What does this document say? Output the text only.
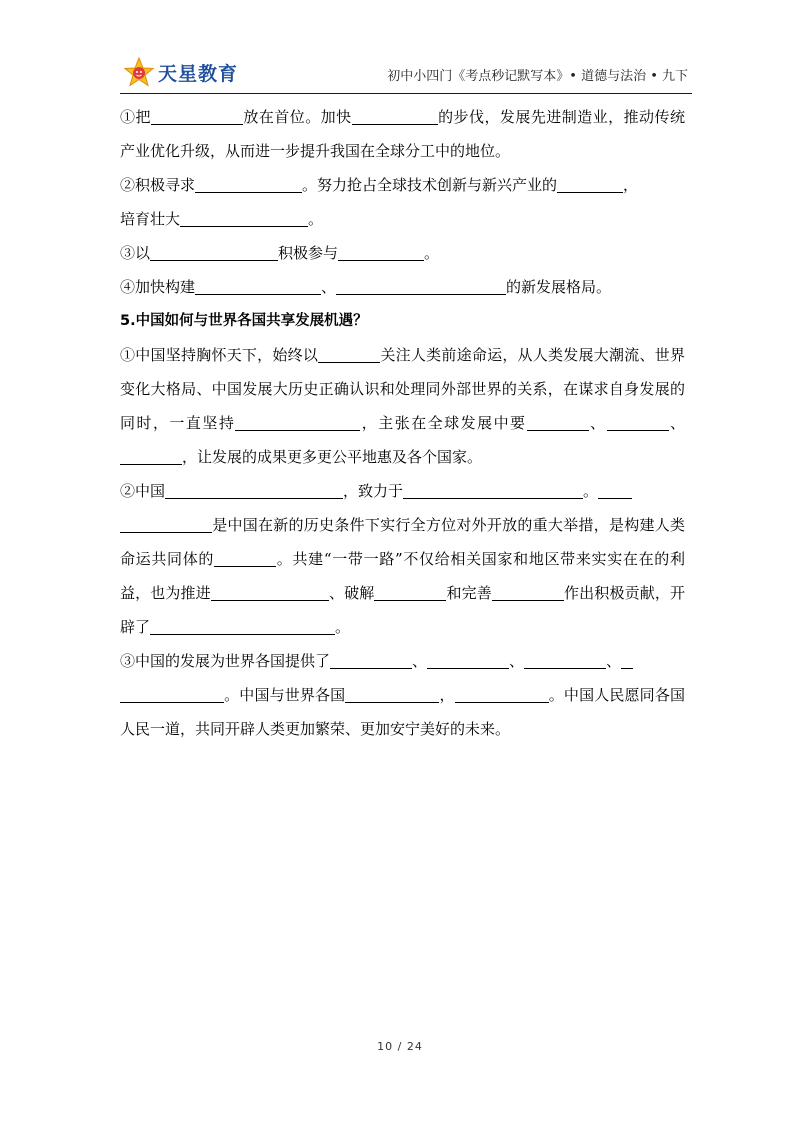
天星教育	初中小四门《考点秒记默写本》• 道德与法治 • 九下

①把	放在首位。加快	的步伐，发展先进制造业，推动传统产业优化升级，从而进一步提升我国在全球分工中的地位。

②积极寻求	。努力抢占全球技术创新与新兴产业的	，
培育壮大	。

③以	积极参与	。

④加快构建	、	的新发展格局。

5.中国如何与世界各国共享发展机遇？

①中国坚持胸怀天下，始终以	关注人类前途命运，从人类发展大潮流、世界变化大格局、中国发展大历史正确认识和处理同外部世界的关系，在谋求自身发展的同时，一直坚持	，主张在全球发展中要	、	、，让发展的成果更多更公平地惠及各个国家。

②中国	，致力于	。
是中国在新的历史条件下实行全方位对外开放的重大举措，是构建人类命运共同体的	。共建“一带一路”不仅给相关国家和地区带来实实在在的利益，也为推进	、破解	和完善	作出积极贡献，开辟了	。

③中国的发展为世界各国提供了	、	、	、
。中国与世界各国	，	。中国人民愿同各国人民一道，共同开辟人类更加繁荣、更加安宁美好的未来。

10 / 24
